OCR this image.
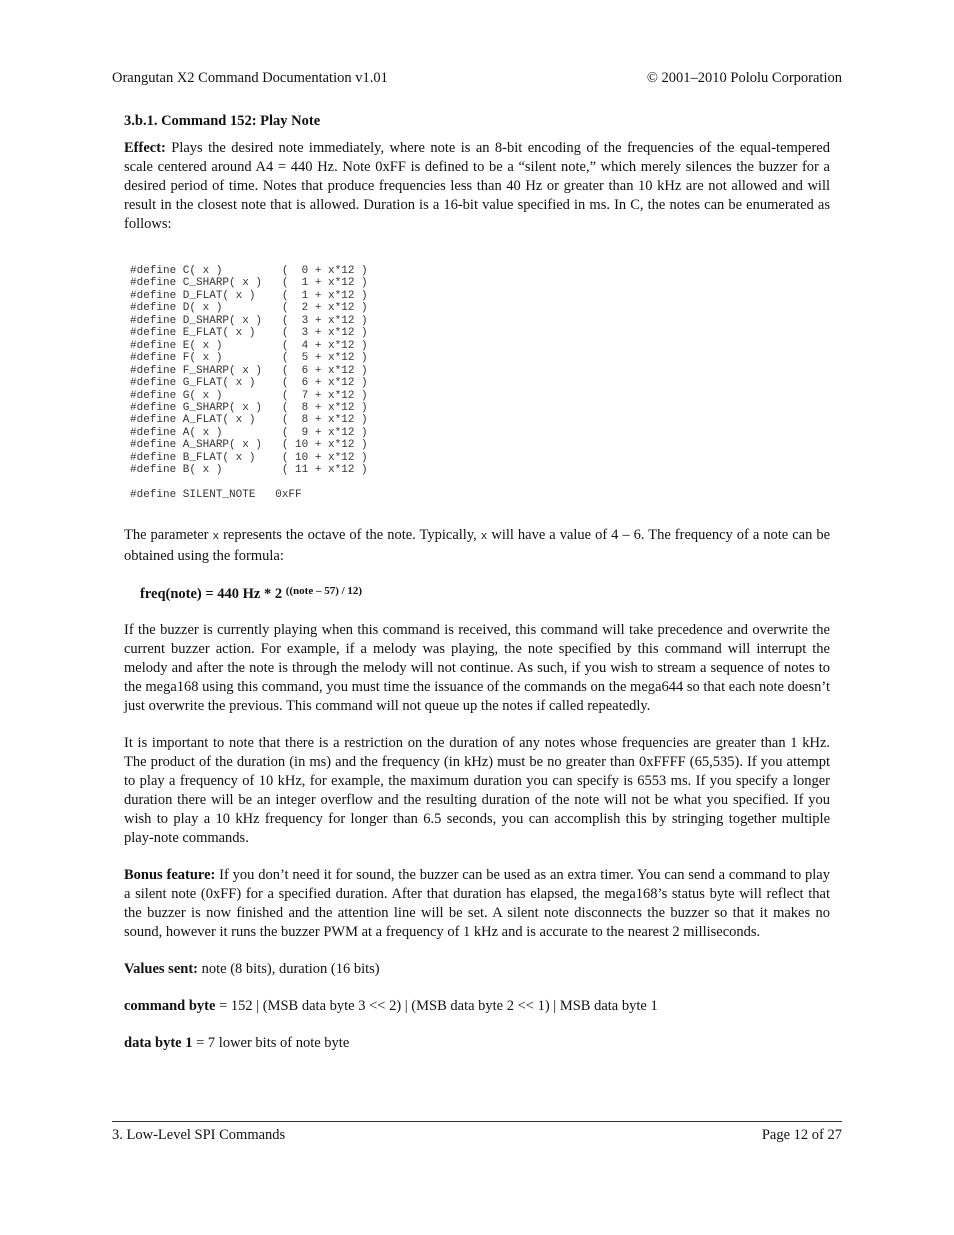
Orangutan X2 Command Documentation v1.01	© 2001–2010 Pololu Corporation
3.b.1. Command 152: Play Note

Effect: Plays the desired note immediately, where note is an 8-bit encoding of the frequencies of the equal-tempered scale centered around A4 = 440 Hz. Note 0xFF is defined to be a “silent note,” which merely silences the buzzer for a desired period of time. Notes that produce frequencies less than 40 Hz or greater than 10 kHz are not allowed and will result in the closest note that is allowed. Duration is a 16-bit value specified in ms. In C, the notes can be enumerated as follows:

#define C( x )         (  0 + x*12 )
#define C_SHARP( x )   (  1 + x*12 )
#define D_FLAT( x )    (  1 + x*12 )
#define D( x )         (  2 + x*12 )
#define D_SHARP( x )   (  3 + x*12 )
#define E_FLAT( x )    (  3 + x*12 )
#define E( x )         (  4 + x*12 )
#define F( x )         (  5 + x*12 )
#define F_SHARP( x )   (  6 + x*12 )
#define G_FLAT( x )    (  6 + x*12 )
#define G( x )         (  7 + x*12 )
#define G_SHARP( x )   (  8 + x*12 )
#define A_FLAT( x )    (  8 + x*12 )
#define A( x )         (  9 + x*12 )
#define A_SHARP( x )   ( 10 + x*12 )
#define B_FLAT( x )    ( 10 + x*12 )
#define B( x )         ( 11 + x*12 )

#define SILENT_NOTE   0xFF

The parameter x represents the octave of the note. Typically, x will have a value of 4 – 6. The frequency of a note can be obtained using the formula:

freq(note) = 440 Hz * 2 $^{((note - 57) / 12)}$

If the buzzer is currently playing when this command is received, this command will take precedence and overwrite the current buzzer action. For example, if a melody was playing, the note specified by this command will interrupt the melody and after the note is through the melody will not continue. As such, if you wish to stream a sequence of notes to the mega168 using this command, you must time the issuance of the commands on the mega644 so that each note doesn’t just overwrite the previous. This command will not queue up the notes if called repeatedly.

It is important to note that there is a restriction on the duration of any notes whose frequencies are greater than 1 kHz. The product of the duration (in ms) and the frequency (in kHz) must be no greater than 0xFFFF (65,535). If you attempt to play a frequency of 10 kHz, for example, the maximum duration you can specify is 6553 ms. If you specify a longer duration there will be an integer overflow and the resulting duration of the note will not be what you specified. If you wish to play a 10 kHz frequency for longer than 6.5 seconds, you can accomplish this by stringing together multiple play-note commands.

Bonus feature: If you don’t need it for sound, the buzzer can be used as an extra timer. You can send a command to play a silent note (0xFF) for a specified duration. After that duration has elapsed, the mega168’s status byte will reflect that the buzzer is now finished and the attention line will be set. A silent note disconnects the buzzer so that it makes no sound, however it runs the buzzer PWM at a frequency of 1 kHz and is accurate to the nearest 2 milliseconds.

Values sent: note (8 bits), duration (16 bits)

command byte = 152 | (MSB data byte 3 << 2) | (MSB data byte 2 << 1) | MSB data byte 1

data byte 1 = 7 lower bits of note byte

3. Low-Level SPI Commands	Page 12 of 27
